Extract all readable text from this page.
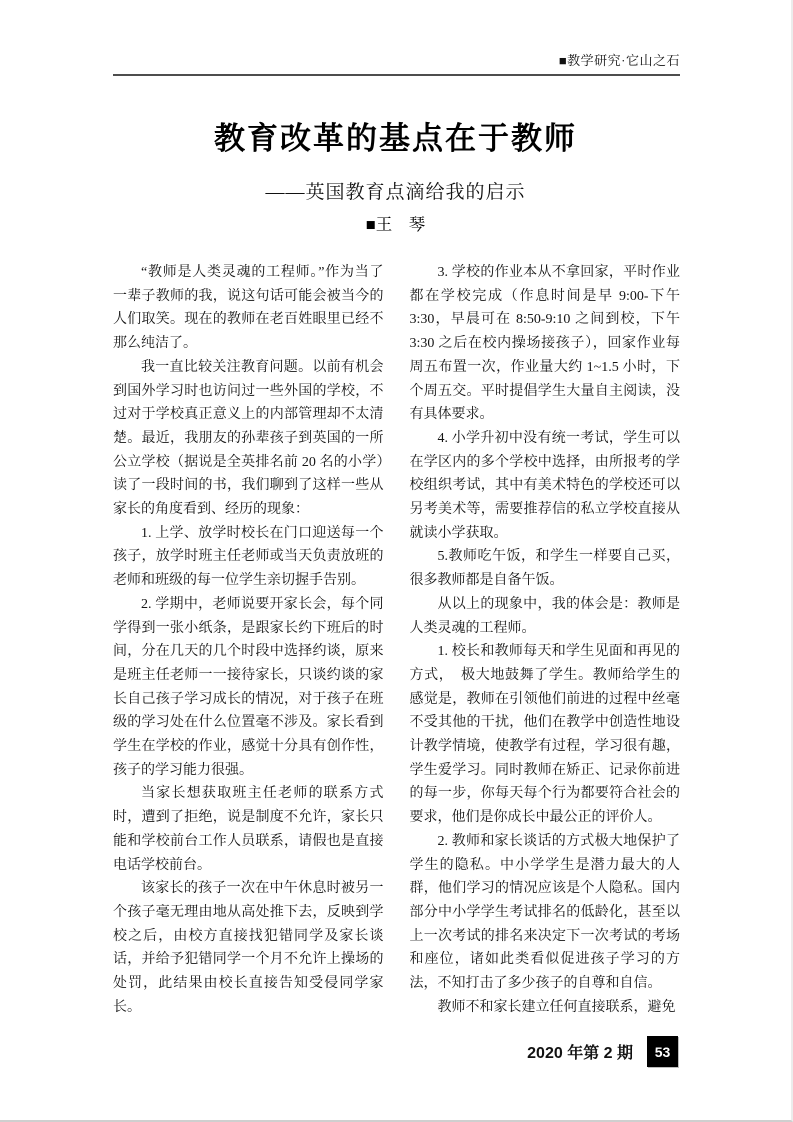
■教学研究·它山之石
教育改革的基点在于教师
——英国教育点滴给我的启示
■王　琴

“教师是人类灵魂的工程师。”作为当了一辈子教师的我，说这句话可能会被当今的人们取笑。现在的教师在老百姓眼里已经不那么纯洁了。

我一直比较关注教育问题。以前有机会到国外学习时也访问过一些外国的学校，不过对于学校真正意义上的内部管理却不太清楚。最近，我朋友的孙辈孩子到英国的一所公立学校（据说是全英排名前 20 名的小学）读了一段时间的书，我们聊到了这样一些从家长的角度看到、经历的现象：

1. 上学、放学时校长在门口迎送每一个孩子，放学时班主任老师或当天负责放班的老师和班级的每一位学生亲切握手告别。

2. 学期中，老师说要开家长会，每个同学得到一张小纸条，是跟家长约下班后的时间，分在几天的几个时段中选择约谈，原来是班主任老师一一接待家长，只谈约谈的家长自己孩子学习成长的情况，对于孩子在班级的学习处在什么位置毫不涉及。家长看到学生在学校的作业，感觉十分具有创作性，孩子的学习能力很强。

当家长想获取班主任老师的联系方式时，遭到了拒绝，说是制度不允许，家长只能和学校前台工作人员联系，请假也是直接电话学校前台。

该家长的孩子一次在中午休息时被另一个孩子毫无理由地从高处推下去，反映到学校之后，由校方直接找犯错同学及家长谈话，并给予犯错同学一个月不允许上操场的处罚，此结果由校长直接告知受侵同学家长。

3. 学校的作业本从不拿回家，平时作业都在学校完成（作息时间是早 9:00-下午 3:30，早晨可在 8:50-9:10 之间到校，下午 3:30 之后在校内操场接孩子），回家作业每周五布置一次，作业量大约 1~1.5 小时，下个周五交。平时提倡学生大量自主阅读，没有具体要求。

4. 小学升初中没有统一考试，学生可以在学区内的多个学校中选择，由所报考的学校组织考试，其中有美术特色的学校还可以另考美术等，需要推荐信的私立学校直接从就读小学获取。

5.教师吃午饭，和学生一样要自己买，很多教师都是自备午饭。

从以上的现象中，我的体会是：教师是人类灵魂的工程师。

1. 校长和教师每天和学生见面和再见的方式，　极大地鼓舞了学生。教师给学生的感觉是，教师在引领他们前进的过程中丝毫不受其他的干扰，他们在教学中创造性地设计教学情境，使教学有过程，学习很有趣，学生爱学习。同时教师在矫正、记录你前进的每一步，你每天每个行为都要符合社会的要求，他们是你成长中最公正的评价人。

2. 教师和家长谈话的方式极大地保护了学生的隐私。中小学学生是潜力最大的人群，他们学习的情况应该是个人隐私。国内部分中小学学生考试排名的低龄化，甚至以上一次考试的排名来决定下一次考试的考场和座位，诸如此类看似促进孩子学习的方法，不知打击了多少孩子的自尊和自信。

教师不和家长建立任何直接联系，避免

2020 年第 2 期	53
